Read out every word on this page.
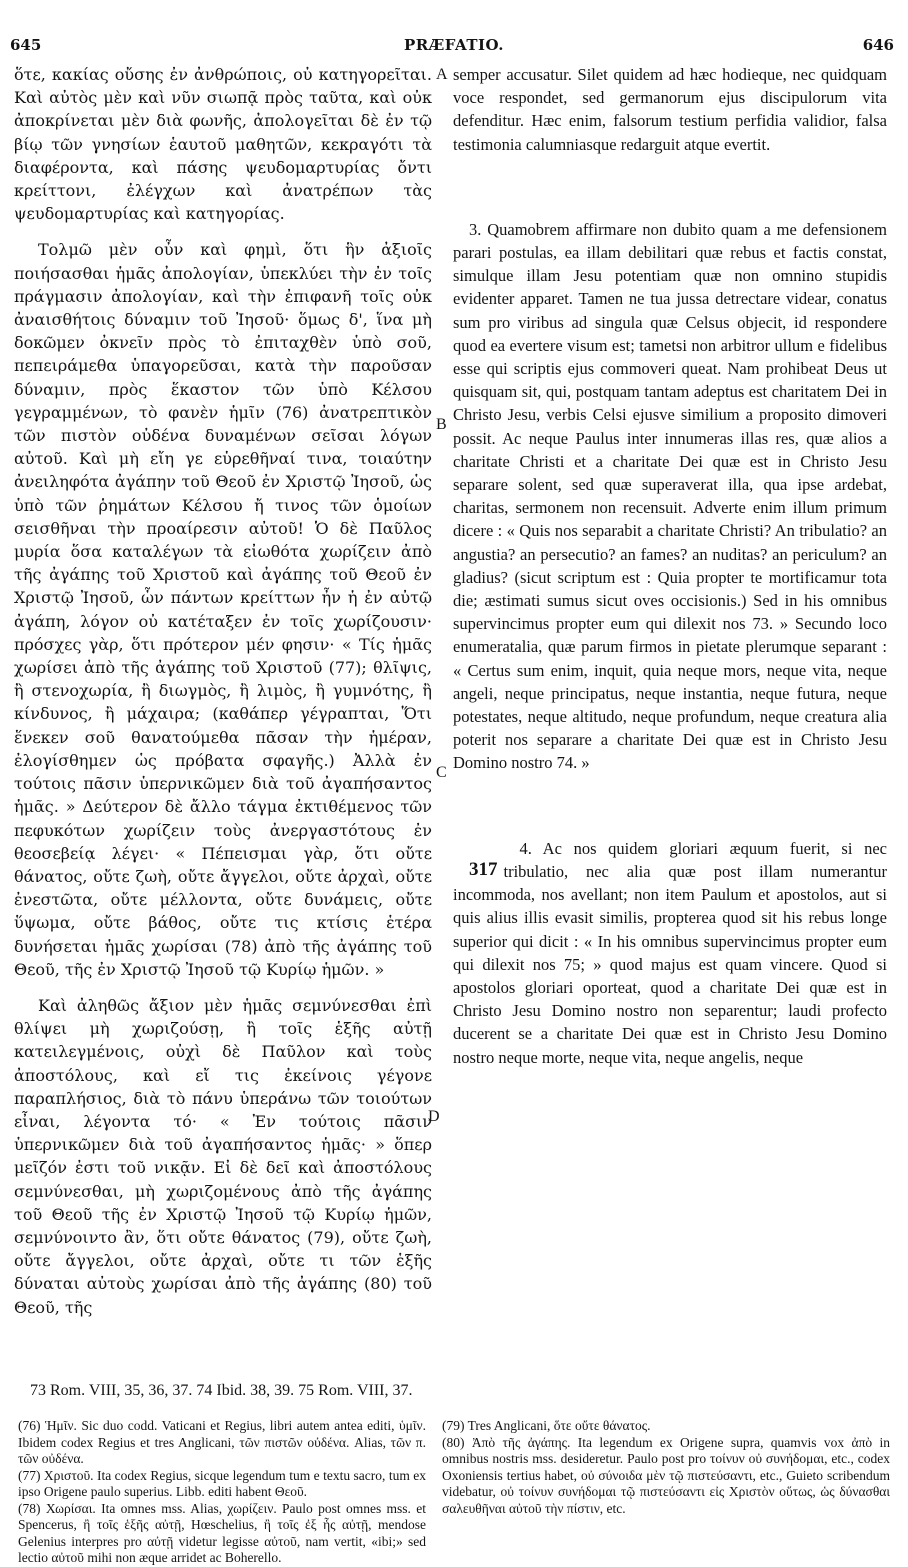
645	PRÆFATIO.	646

ὅτε, κακίας οὔσης ἐν ἀνθρώποις, οὐ κατηγορεῖται. Καὶ αὐτὸς μὲν καὶ νῦν σιωπᾷ πρὸς ταῦτα, καὶ οὐκ ἀποκρίνεται μὲν διὰ φωνῆς, ἀπολογεῖται δὲ ἐν τῷ βίῳ τῶν γνησίων ἑαυτοῦ μαθητῶν, κεκραγότι τὰ διαφέροντα, καὶ πάσης ψευδομαρτυρίας ὄντι κρείττονι, ἐλέγχων καὶ ἀνατρέπων τὰς ψευδομαρτυρίας καὶ κατηγορίας.

Τολμῶ μὲν οὖν καὶ φημὶ, ὅτι ἣν ἀξιοῖς ποιήσασθαι ἡμᾶς ἀπολογίαν, ὑπεκλύει τὴν ἐν τοῖς πράγμασιν ἀπολογίαν, καὶ τὴν ἐπιφανῆ τοῖς οὐκ ἀναισθήτοις δύναμιν τοῦ Ἰησοῦ· ὅμως δ', ἵνα μὴ δοκῶμεν ὀκνεῖν πρὸς τὸ ἐπιταχθὲν ὑπὸ σοῦ, πεπειράμεθα ὑπαγορεῦσαι, κατὰ τὴν παροῦσαν δύναμιν, πρὸς ἕκαστον τῶν ὑπὸ Κέλσου γεγραμμένων, τὸ φανὲν ἡμῖν (76) ἀνατρεπτικὸν τῶν πιστὸν οὐδένα δυναμένων σεῖσαι λόγων αὐτοῦ. Καὶ μὴ εἴη γε εὑρεθῆναί τινα, τοιαύτην ἀνειληφότα ἀγάπην τοῦ Θεοῦ ἐν Χριστῷ Ἰησοῦ, ὡς ὑπὸ τῶν ῥημάτων Κέλσου ἤ τινος τῶν ὁμοίων σεισθῆναι τὴν προαίρεσιν αὐτοῦ! Ὁ δὲ Παῦλος μυρία ὅσα καταλέγων τὰ εἰωθότα χωρίζειν ἀπὸ τῆς ἀγάπης τοῦ Χριστοῦ καὶ ἀγάπης τοῦ Θεοῦ ἐν Χριστῷ Ἰησοῦ, ὧν πάντων κρείττων ἦν ἡ ἐν αὐτῷ ἀγάπη, λόγον οὐ κατέταξεν ἐν τοῖς χωρίζουσιν· πρόσχες γὰρ, ὅτι πρότερον μέν φησιν· « Τίς ἡμᾶς χωρίσει ἀπὸ τῆς ἀγάπης τοῦ Χριστοῦ (77); θλῖψις, ἢ στενοχωρία, ἢ διωγμὸς, ἢ λιμὸς, ἢ γυμνότης, ἢ κίνδυνος, ἢ μάχαιρα; (καθάπερ γέγραπται, Ὅτι ἕνεκεν σοῦ θανατούμεθα πᾶσαν τὴν ἡμέραν, ἐλογίσθημεν ὡς πρόβατα σφαγῆς.) Ἀλλὰ ἐν τούτοις πᾶσιν ὑπερνικῶμεν διὰ τοῦ ἀγαπήσαντος ἡμᾶς. » Δεύτερον δὲ ἄλλο τάγμα ἐκτιθέμενος τῶν πεφυκότων χωρίζειν τοὺς ἀνεργαστότους ἐν θεοσεβείᾳ λέγει· « Πέπεισμαι γὰρ, ὅτι οὔτε θάνατος, οὔτε ζωὴ, οὔτε ἄγγελοι, οὔτε ἀρχαὶ, οὔτε ἐνεστῶτα, οὔτε μέλλοντα, οὔτε δυνάμεις, οὔτε ὕψωμα, οὔτε βάθος, οὔτε τις κτίσις ἑτέρα δυνήσεται ἡμᾶς χωρίσαι (78) ἀπὸ τῆς ἀγάπης τοῦ Θεοῦ, τῆς ἐν Χριστῷ Ἰησοῦ τῷ Κυρίῳ ἡμῶν. »

Καὶ ἀληθῶς ἄξιον μὲν ἡμᾶς σεμνύνεσθαι ἐπὶ θλίψει μὴ χωριζούσῃ, ἢ τοῖς ἑξῆς αὐτῇ κατειλεγμένοις, οὐχὶ δὲ Παῦλον καὶ τοὺς ἀποστόλους, καὶ εἴ τις ἐκείνοις γέγονε παραπλήσιος, διὰ τὸ πάνυ ὑπεράνω τῶν τοιούτων εἶναι, λέγοντα τό· « Ἐν τούτοις πᾶσιν ὑπερνικῶμεν διὰ τοῦ ἀγαπήσαντος ἡμᾶς· » ὅπερ μεῖζόν ἐστι τοῦ νικᾷν. Εἰ δὲ δεῖ καὶ ἀποστόλους σεμνύνεσθαι, μὴ χωριζομένους ἀπὸ τῆς ἀγάπης τοῦ Θεοῦ τῆς ἐν Χριστῷ Ἰησοῦ τῷ Κυρίῳ ἡμῶν, σεμνύνοιντο ἂν, ὅτι οὔτε θάνατος (79), οὔτε ζωὴ, οὔτε ἄγγελοι, οὔτε ἀρχαὶ, οὔτε τι τῶν ἑξῆς δύναται αὐτοὺς χωρίσαι ἀπὸ τῆς ἀγάπης (80) τοῦ Θεοῦ, τῆς

A
B
C
D

semper accusatur. Silet quidem ad hæc hodieque, nec quidquam voce respondet, sed germanorum ejus discipulorum vita defenditur. Hæc enim, falsorum testium perfidia validior, falsa testimonia calumniasque redarguit atque evertit.

3. Quamobrem affirmare non dubito quam a me defensionem parari postulas, ea illam debilitari quæ rebus et factis constat, simulque illam Jesu potentiam quæ non omnino stupidis evidenter apparet. Tamen ne tua jussa detrectare videar, conatus sum pro viribus ad singula quæ Celsus objecit, id respondere quod ea evertere visum est; tametsi non arbitror ullum e fidelibus esse qui scriptis ejus commoveri queat. Nam prohibeat Deus ut quisquam sit, qui, postquam tantam adeptus est charitatem Dei in Christo Jesu, verbis Celsi ejusve similium a proposito dimoveri possit. Ac neque Paulus inter innumeras illas res, quæ alios a charitate Christi et a charitate Dei quæ est in Christo Jesu separare solent, sed quæ superaverat illa, qua ipse ardebat, charitas, sermonem non recensuit. Adverte enim illum primum dicere : « Quis nos separabit a charitate Christi? An tribulatio? an angustia? an persecutio? an fames? an nuditas? an periculum? an gladius? (sicut scriptum est : Quia propter te mortificamur tota die; æstimati sumus sicut oves occisionis.) Sed in his omnibus supervincimus propter eum qui dilexit nos 73. » Secundo loco enumeratalia, quæ parum firmos in pietate plerumque separant : « Certus sum enim, inquit, quia neque mors, neque vita, neque angeli, neque principatus, neque instantia, neque futura, neque potestates, neque altitudo, neque profundum, neque creatura alia poterit nos separare a charitate Dei quæ est in Christo Jesu Domino nostro 74. »

317
4. Ac nos quidem gloriari æquum fuerit, si nec tribulatio, nec alia quæ post illam numerantur incommoda, nos avellant; non item Paulum et apostolos, aut si quis alius illis evasit similis, propterea quod sit his rebus longe superior qui dicit : « In his omnibus supervincimus propter eum qui dilexit nos 75; » quod majus est quam vincere. Quod si apostolos gloriari oporteat, quod a charitate Dei quæ est in Christo Jesu Domino nostro non separentur; laudi profecto ducerent se a charitate Dei quæ est in Christo Jesu Domino nostro neque morte, neque vita, neque angelis, neque

73 Rom. VIII, 35, 36, 37. 74 Ibid. 38, 39. 75 Rom. VIII, 37.

(76) Ἡμῖν. Sic duo codd. Vaticani et Regius, libri autem antea editi, ὑμῖν. Ibidem codex Regius et tres Anglicani, τῶν πιστῶν οὐδένα. Alias, τῶν π. τῶν οὐδένα.

(77) Χριστοῦ. Ita codex Regius, sicque legendum tum e textu sacro, tum ex ipso Origene paulo superius. Libb. editi habent Θεοῦ.

(78) Χωρίσαι. Ita omnes mss. Alias, χωρίζειν. Paulo post omnes mss. et Spencerus, ἢ τοῖς ἑξῆς αὐτῇ, Hœschelius, ἢ τοῖς ἐξ ἧς αὐτῇ, mendose Gelenius interpres pro αὐτῇ videtur legisse αὐτοῦ, nam vertit, «ibi;» sed lectio αὐτοῦ mihi non æque arridet ac Boherello.

(79) Tres Anglicani, ὅτε οὔτε θάνατος.

(80) Ἀπὸ τῆς ἀγάπης. Ita legendum ex Origene supra, quamvis vox ἀπὸ in omnibus nostris mss. desideretur. Paulo post pro τοίνυν οὐ συνήδομαι, etc., codex Oxoniensis tertius habet, οὐ σύνοιδα μὲν τῷ πιστεύσαντι, etc., Guieto scribendum videbatur, οὐ τοίνυν συνήδομαι τῷ πιστεύσαντι εἰς Χριστὸν οὕτως, ὡς δύνασθαι σαλευθῆναι αὐτοῦ τὴν πίστιν, etc.
